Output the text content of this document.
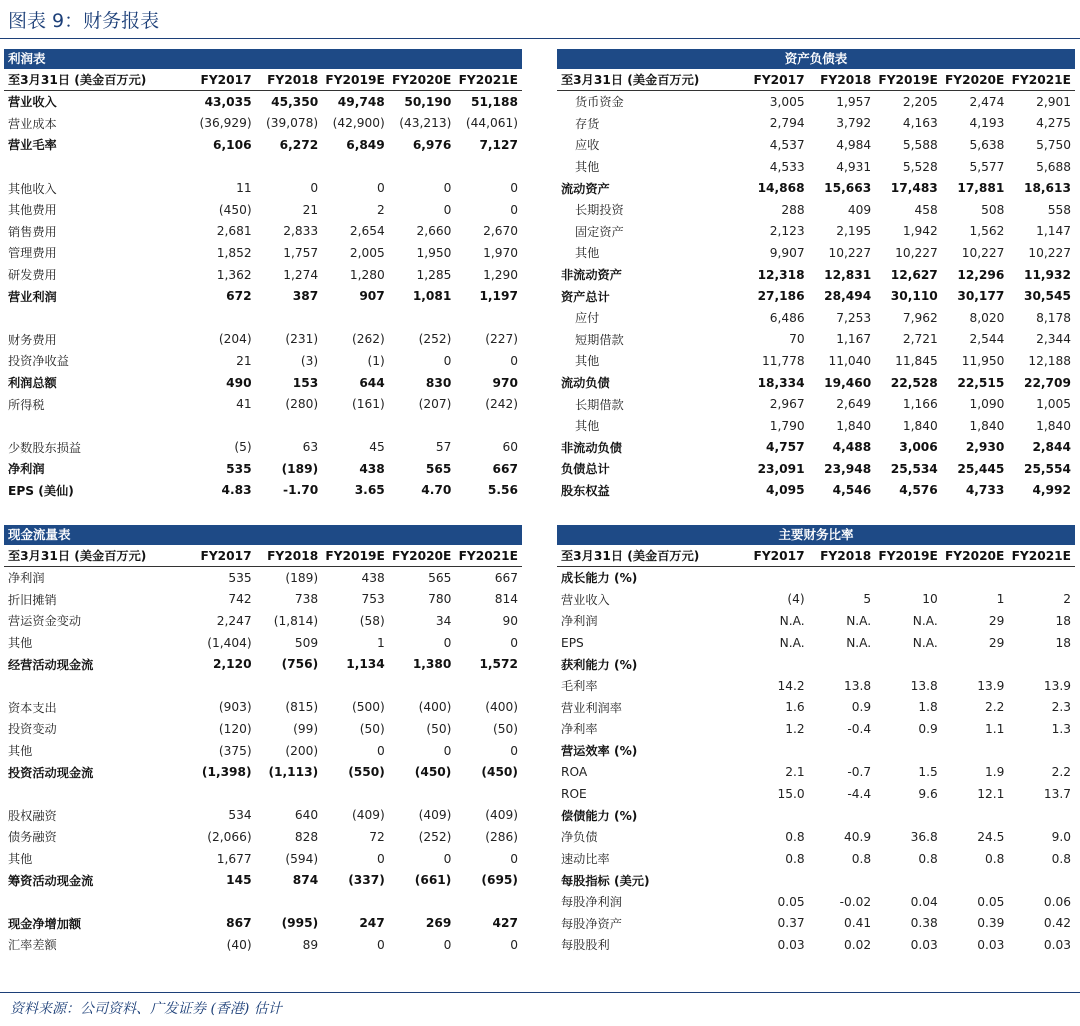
图表 9：财务报表
利润表
至3月31日 (美金百万元)	FY2017	FY2018	FY2019E	FY2020E	FY2021E
营业收入	43,035	45,350	49,748	50,190	51,188
营业成本	(36,929)	(39,078)	(42,900)	(43,213)	(44,061)
营业毛率	6,106	6,272	6,849	6,976	7,127

其他收入	11	0	0	0	0
其他费用	(450)	21	2	0	0
销售费用	2,681	2,833	2,654	2,660	2,670
管理费用	1,852	1,757	2,005	1,950	1,970
研发费用	1,362	1,274	1,280	1,285	1,290
营业利润	672	387	907	1,081	1,197

财务费用	(204)	(231)	(262)	(252)	(227)
投资净收益	21	(3)	(1)	0	0
利润总额	490	153	644	830	970
所得税	41	(280)	(161)	(207)	(242)

少数股东损益	(5)	63	45	57	60
净利润	535	(189)	438	565	667
EPS (美仙)	4.83	-1.70	3.65	4.70	5.56
资产负债表
至3月31日 (美金百万元)	FY2017	FY2018	FY2019E	FY2020E	FY2021E
货币资金	3,005	1,957	2,205	2,474	2,901
存货	2,794	3,792	4,163	4,193	4,275
应收	4,537	4,984	5,588	5,638	5,750
其他	4,533	4,931	5,528	5,577	5,688
流动资产	14,868	15,663	17,483	17,881	18,613
长期投资	288	409	458	508	558
固定资产	2,123	2,195	1,942	1,562	1,147
其他	9,907	10,227	10,227	10,227	10,227
非流动资产	12,318	12,831	12,627	12,296	11,932
资产总计	27,186	28,494	30,110	30,177	30,545
应付	6,486	7,253	7,962	8,020	8,178
短期借款	70	1,167	2,721	2,544	2,344
其他	11,778	11,040	11,845	11,950	12,188
流动负债	18,334	19,460	22,528	22,515	22,709
长期借款	2,967	2,649	1,166	1,090	1,005
其他	1,790	1,840	1,840	1,840	1,840
非流动负债	4,757	4,488	3,006	2,930	2,844
负债总计	23,091	23,948	25,534	25,445	25,554
股东权益	4,095	4,546	4,576	4,733	4,992
现金流量表
至3月31日 (美金百万元)	FY2017	FY2018	FY2019E	FY2020E	FY2021E
净利润	535	(189)	438	565	667
折旧摊销	742	738	753	780	814
营运资金变动	2,247	(1,814)	(58)	34	90
其他	(1,404)	509	1	0	0
经营活动现金流	2,120	(756)	1,134	1,380	1,572

资本支出	(903)	(815)	(500)	(400)	(400)
投资变动	(120)	(99)	(50)	(50)	(50)
其他	(375)	(200)	0	0	0
投资活动现金流	(1,398)	(1,113)	(550)	(450)	(450)

股权融资	534	640	(409)	(409)	(409)
债务融资	(2,066)	828	72	(252)	(286)
其他	1,677	(594)	0	0	0
筹资活动现金流	145	874	(337)	(661)	(695)

现金净增加额	867	(995)	247	269	427
汇率差额	(40)	89	0	0	0
主要财务比率
至3月31日 (美金百万元)	FY2017	FY2018	FY2019E	FY2020E	FY2021E
成长能力 (%)					
营业收入	(4)	5	10	1	2
净利润	N.A.	N.A.	N.A.	29	18
EPS	N.A.	N.A.	N.A.	29	18
获利能力 (%)					
毛利率	14.2	13.8	13.8	13.9	13.9
营业利润率	1.6	0.9	1.8	2.2	2.3
净利率	1.2	-0.4	0.9	1.1	1.3
营运效率 (%)					
ROA	2.1	-0.7	1.5	1.9	2.2
ROE	15.0	-4.4	9.6	12.1	13.7
偿债能力 (%)					
净负债	0.8	40.9	36.8	24.5	9.0
速动比率	0.8	0.8	0.8	0.8	0.8
每股指标 (美元)					
每股净利润	0.05	-0.02	0.04	0.05	0.06
每股净资产	0.37	0.41	0.38	0.39	0.42
每股股利	0.03	0.02	0.03	0.03	0.03
资料来源：公司资料、广发证券 (香港) 估计
